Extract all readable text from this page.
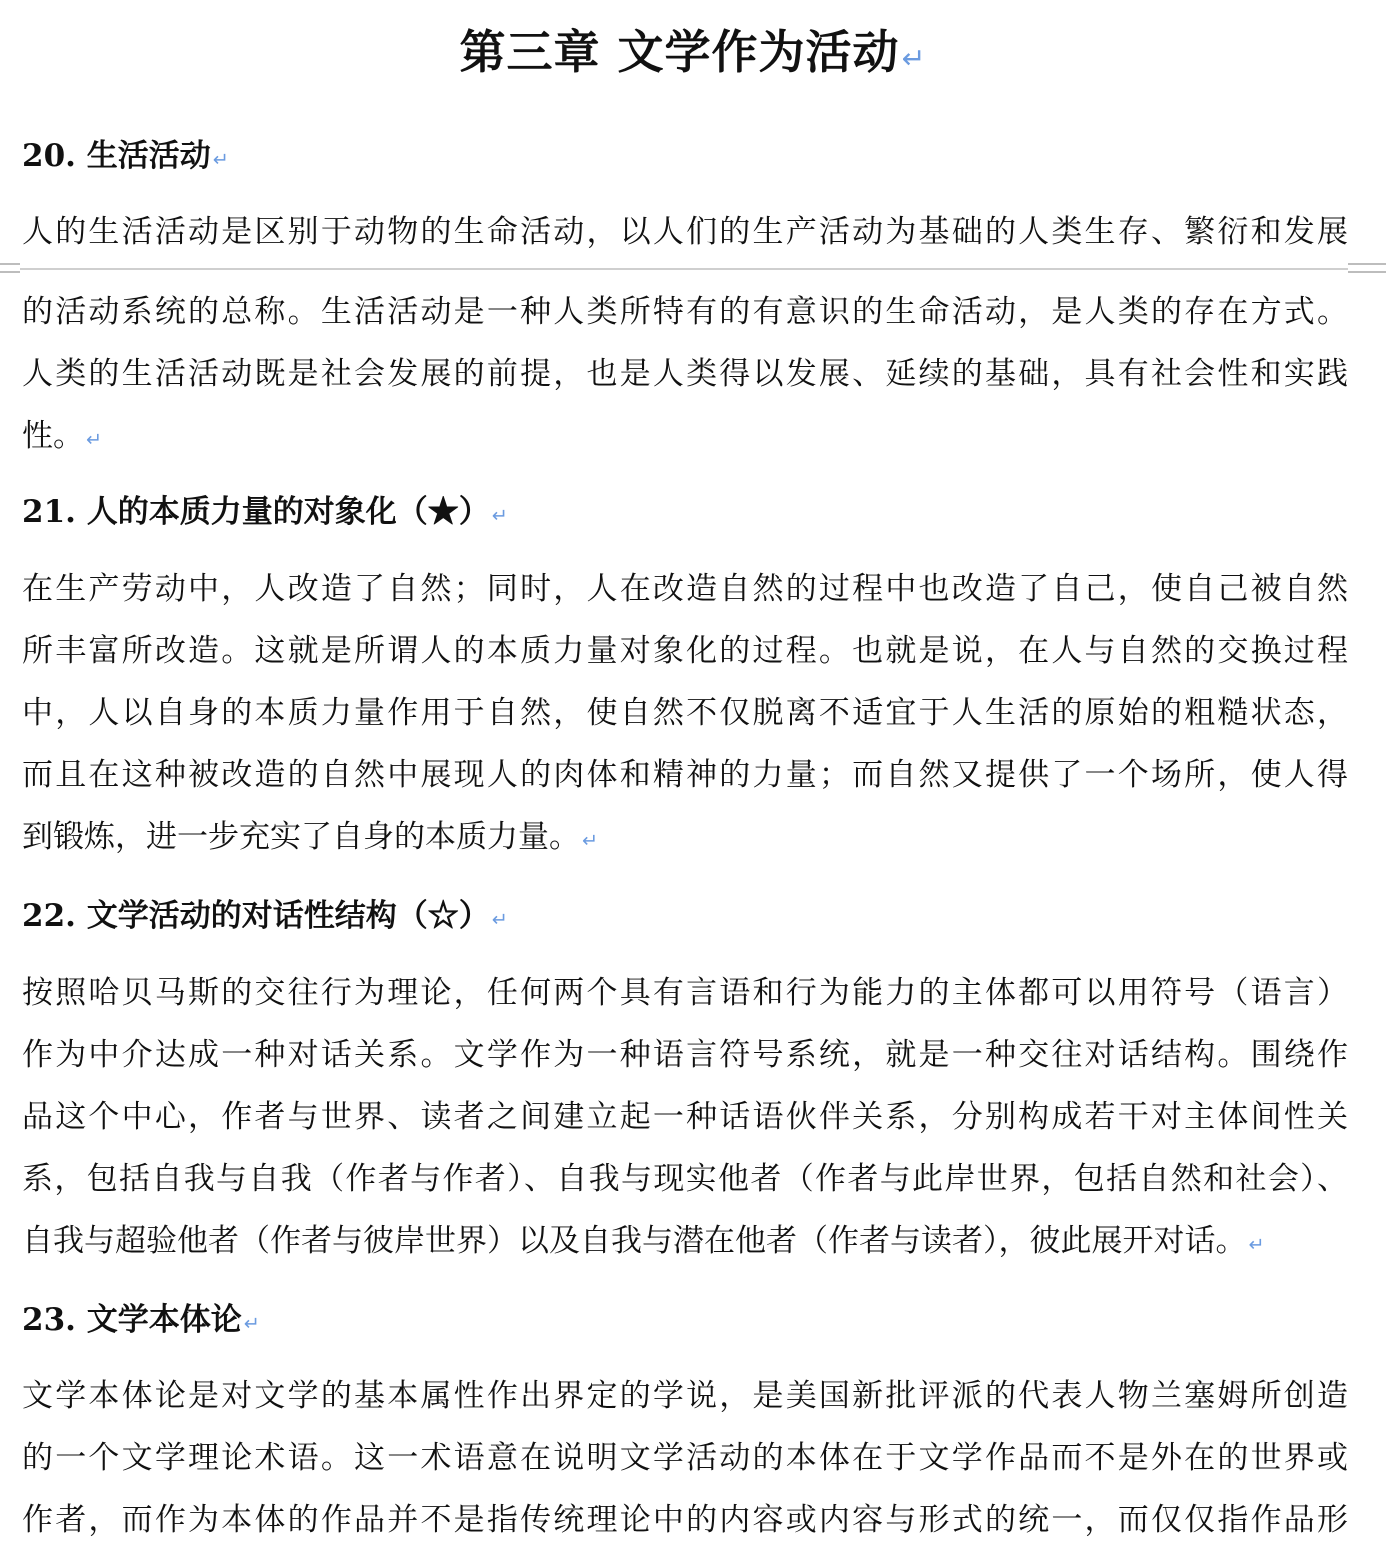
第三章 文学作为活动↵
20. 生活活动 ↵
人的生活活动是区别于动物的生命活动，以人们的生产活动为基础的人类生存、繁衍和发展
的活动系统的总称。生活活动是一种人类所特有的有意识的生命活动，是人类的存在方式。
人类的生活活动既是社会发展的前提，也是人类得以发展、延续的基础，具有社会性和实践
性。 ↵
21. 人的本质力量的对象化（★） ↵
在生产劳动中，人改造了自然；同时，人在改造自然的过程中也改造了自己，使自己被自然
所丰富所改造。这就是所谓人的本质力量对象化的过程。也就是说，在人与自然的交换过程
中，人以自身的本质力量作用于自然，使自然不仅脱离不适宜于人生活的原始的粗糙状态，
而且在这种被改造的自然中展现人的肉体和精神的力量；而自然又提供了一个场所，使人得
到锻炼，进一步充实了自身的本质力量。 ↵
22. 文学活动的对话性结构（☆） ↵
按照哈贝马斯的交往行为理论，任何两个具有言语和行为能力的主体都可以用符号（语言）
作为中介达成一种对话关系。文学作为一种语言符号系统，就是一种交往对话结构。围绕作
品这个中心，作者与世界、读者之间建立起一种话语伙伴关系，分别构成若干对主体间性关
系，包括自我与自我（作者与作者）、自我与现实他者（作者与此岸世界，包括自然和社会）、
自我与超验他者（作者与彼岸世界）以及自我与潜在他者（作者与读者），彼此展开对话。 ↵
23. 文学本体论 ↵
文学本体论是对文学的基本属性作出界定的学说，是美国新批评派的代表人物兰塞姆所创造
的一个文学理论术语。这一术语意在说明文学活动的本体在于文学作品而不是外在的世界或
作者，而作为本体的作品并不是指传统理论中的内容或内容与形式的统一，而仅仅指作品形
